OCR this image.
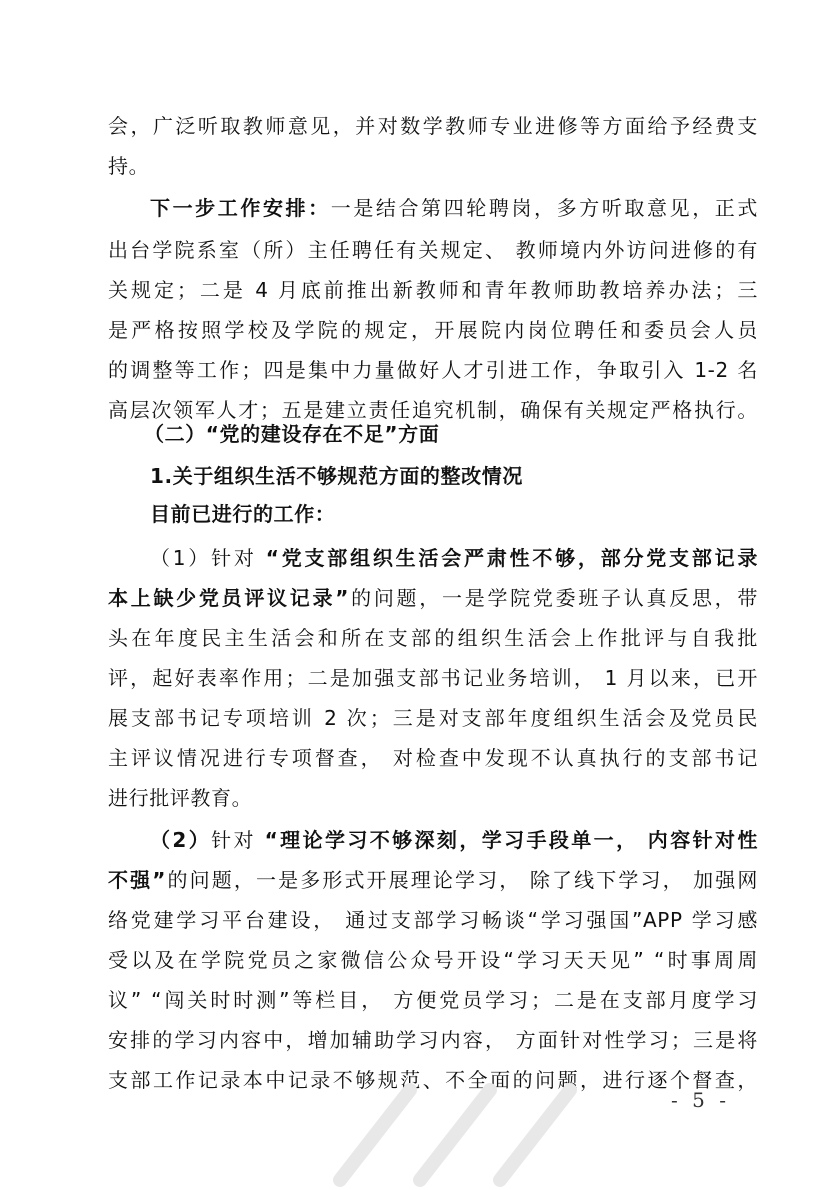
会，广泛听取教师意见，并对数学教师专业进修等方面给予经费支
持。
下一步工作安排：一是结合第四轮聘岗，多方听取意见，正式
出台学院系室（所）主任聘任有关规定、 教师境内外访问进修的有
关规定；二是 4 月底前推出新教师和青年教师助教培养办法；三
是严格按照学校及学院的规定，开展院内岗位聘任和委员会人员
的调整等工作；四是集中力量做好人才引进工作，争取引入 1-2 名
高层次领军人才；五是建立责任追究机制，确保有关规定严格执行。
（二）“党的建设存在不足”方面
1.关于组织生活不够规范方面的整改情况
目前已进行的工作：
（1）针对 “党支部组织生活会严肃性不够，部分党支部记录
本上缺少党员评议记录”的问题，一是学院党委班子认真反思，带
头在年度民主生活会和所在支部的组织生活会上作批评与自我批
评，起好表率作用；二是加强支部书记业务培训， 1 月以来，已开
展支部书记专项培训 2 次；三是对支部年度组织生活会及党员民
主评议情况进行专项督查， 对检查中发现不认真执行的支部书记
进行批评教育。
（2）针对 “理论学习不够深刻，学习手段单一， 内容针对性
不强”的问题，一是多形式开展理论学习， 除了线下学习， 加强网
络党建学习平台建设， 通过支部学习畅谈“学习强国”APP 学习感
受以及在学院党员之家微信公众号开设“学习天天见” “时事周周
议” “闯关时时测”等栏目， 方便党员学习；二是在支部月度学习
安排的学习内容中，增加辅助学习内容， 方面针对性学习；三是将
支部工作记录本中记录不够规范、不全面的问题，进行逐个督查，
- 5 -
